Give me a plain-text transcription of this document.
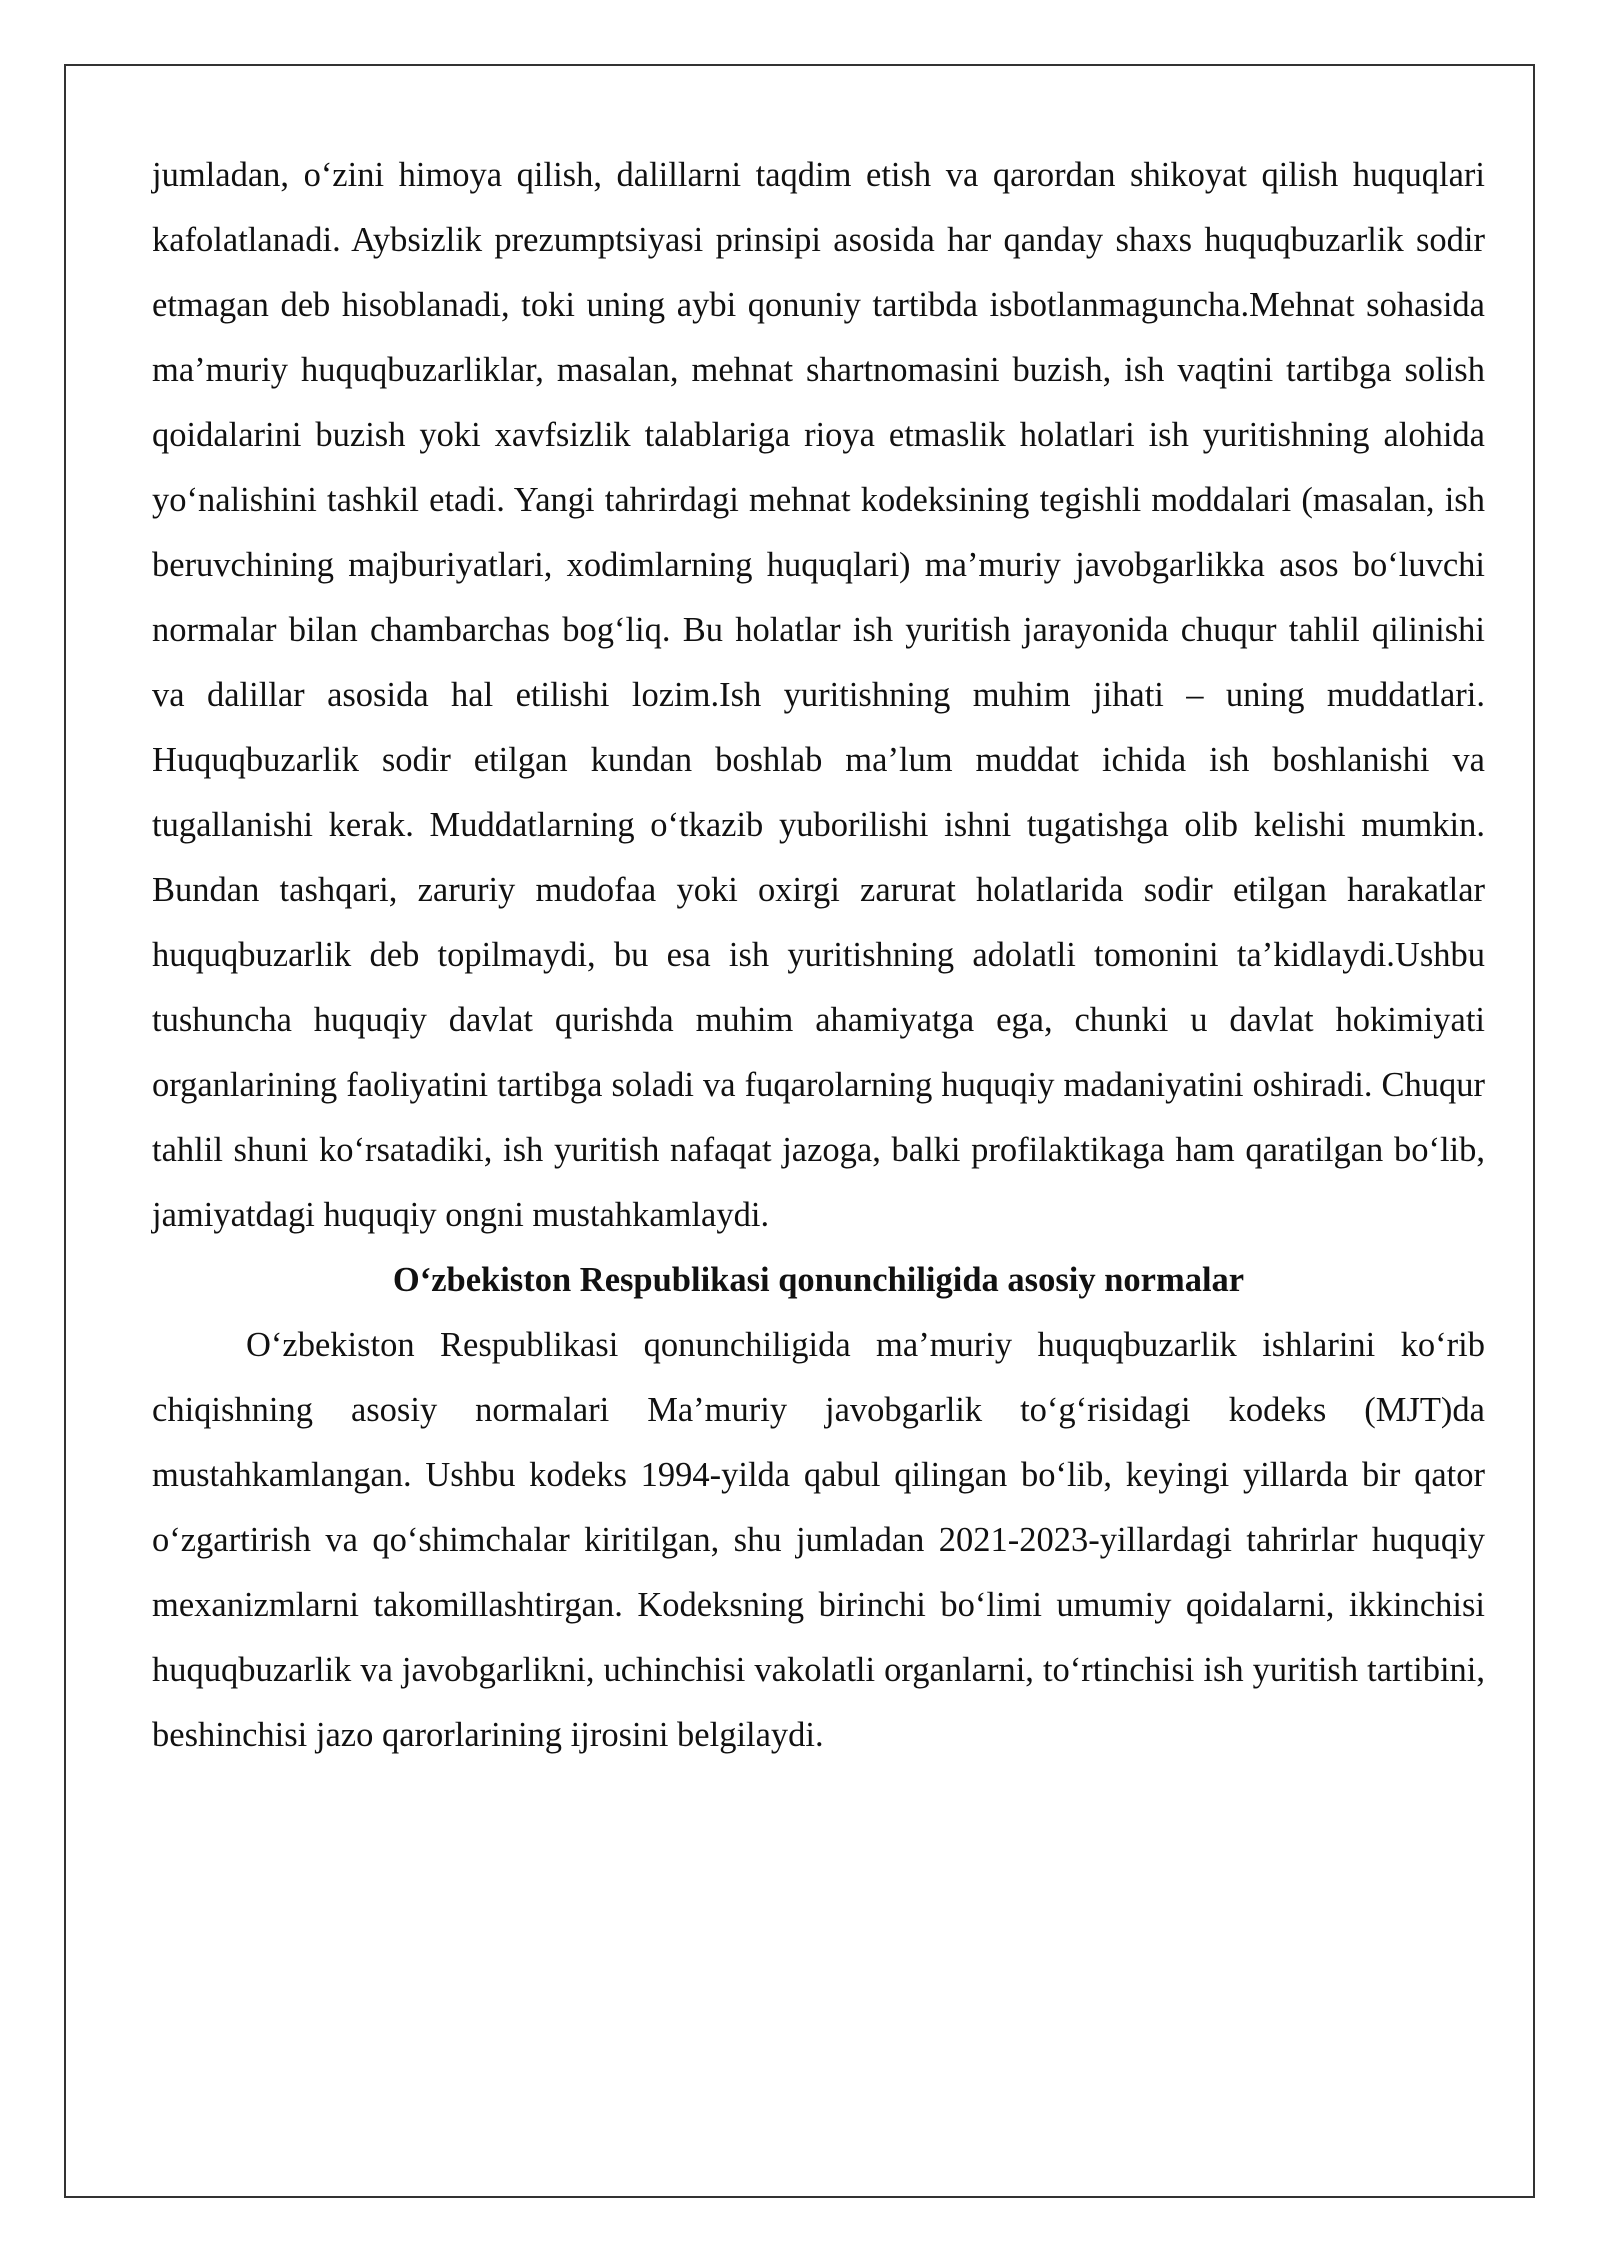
jumladan, o‘zini himoya qilish, dalillarni taqdim etish va qarordan shikoyat qilish huquqlari kafolatlanadi. Aybsizlik prezumptsiyasi prinsipi asosida har qanday shaxs huquqbuzarlik sodir etmagan deb hisoblanadi, toki uning aybi qonuniy tartibda isbotlanmaguncha.Mehnat sohasida ma’muriy huquqbuzarliklar, masalan, mehnat shartnomasini buzish, ish vaqtini tartibga solish qoidalarini buzish yoki xavfsizlik talablariga rioya etmaslik holatlari ish yuritishning alohida yo‘nalishini tashkil etadi. Yangi tahrirdagi mehnat kodeksining tegishli moddalari (masalan, ish beruvchining majburiyatlari, xodimlarning huquqlari) ma’muriy javobgarlikka asos bo‘luvchi normalar bilan chambarchas bog‘liq. Bu holatlar ish yuritish jarayonida chuqur tahlil qilinishi va dalillar asosida hal etilishi lozim.Ish yuritishning muhim jihati – uning muddatlari. Huquqbuzarlik sodir etilgan kundan boshlab ma’lum muddat ichida ish boshlanishi va tugallanishi kerak. Muddatlarning o‘tkazib yuborilishi ishni tugatishga olib kelishi mumkin. Bundan tashqari, zaruriy mudofaa yoki oxirgi zarurat holatlarida sodir etilgan harakatlar huquqbuzarlik deb topilmaydi, bu esa ish yuritishning adolatli tomonini ta’kidlaydi.Ushbu tushuncha huquqiy davlat qurishda muhim ahamiyatga ega, chunki u davlat hokimiyati organlarining faoliyatini tartibga soladi va fuqarolarning huquqiy madaniyatini oshiradi. Chuqur tahlil shuni ko‘rsatadiki, ish yuritish nafaqat jazoga, balki profilaktikaga ham qaratilgan bo‘lib, jamiyatdagi huquqiy ongni mustahkamlaydi.

O‘zbekiston Respublikasi qonunchiligida asosiy normalar

O‘zbekiston Respublikasi qonunchiligida ma’muriy huquqbuzarlik ishlarini ko‘rib chiqishning asosiy normalari Ma’muriy javobgarlik to‘g‘risidagi kodeks (MJT)da mustahkamlangan. Ushbu kodeks 1994-yilda qabul qilingan bo‘lib, keyingi yillarda bir qator o‘zgartirish va qo‘shimchalar kiritilgan, shu jumladan 2021-2023-yillardagi tahrirlar huquqiy mexanizmlarni takomillashtirgan. Kodeksning birinchi bo‘limi umumiy qoidalarni, ikkinchisi huquqbuzarlik va javobgarlikni, uchinchisi vakolatli organlarni, to‘rtinchisi ish yuritish tartibini, beshinchisi jazo qarorlarining ijrosini belgilaydi.
